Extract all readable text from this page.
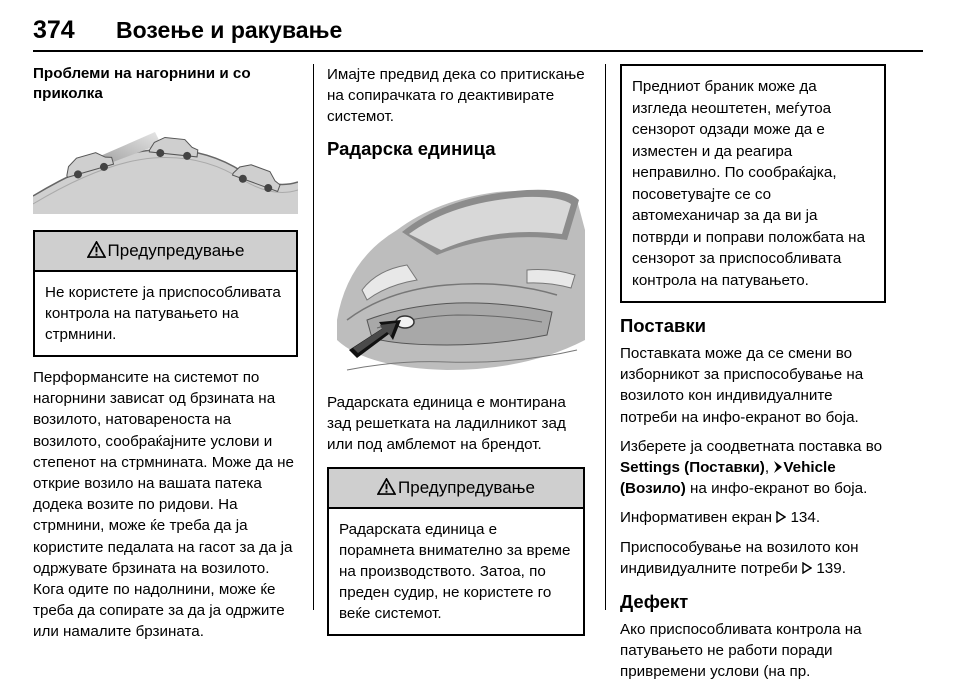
374 Возење и ракување

Проблеми на нагорнини и со приколка

Предупредување

Не користете ја приспособливата контрола на патувањето на стрмнини.

Перформансите на системот по нагорнини зависат од брзината на возилото, натовареноста на возилото, сообраќајните услови и степенот на стрмнината. Може да не открие возило на вашата патека додека возите по ридови. На стрмнини, може ќе треба да ја користите педалата на гасот за да ја одржувате брзината на возилото. Кога одите по надолнини, може ќе треба да сопирате за да ја одржите или намалите брзината.

Имајте предвид дека со притискање на сопирачката го деактивирате системот.

Радарска единица

Радарската единица е монтирана зад решетката на ладилникот зад или под амблемот на брендот.

Предупредување

Радарската единица е порамнета внимателно за време на производството. Затоа, по преден судир, не користете го веќе системот.

Предниот браник може да изгледа неоштетен, меѓутоа сензорот одзади може да е изместен и да реагира неправилно. По сообраќајка, посоветувајте се со автомеханичар за да ви ја потврди и поправи положбата на сензорот за приспособливата контрола на патувањето.

Поставки

Поставката може да се смени во изборникот за приспособување на возилото кон индивидуалните потреби на инфо-екранот во боја.

Изберете ја соодветната поставка во Settings (Поставки), Vehicle (Возило) на инфо-екранот во боја.

Информативен екран 134.

Приспособување на возилото кон индивидуалните потреби 139.

Дефект

Ако приспособливата контрола на патувањето не работи поради привремени услови (на пр.
